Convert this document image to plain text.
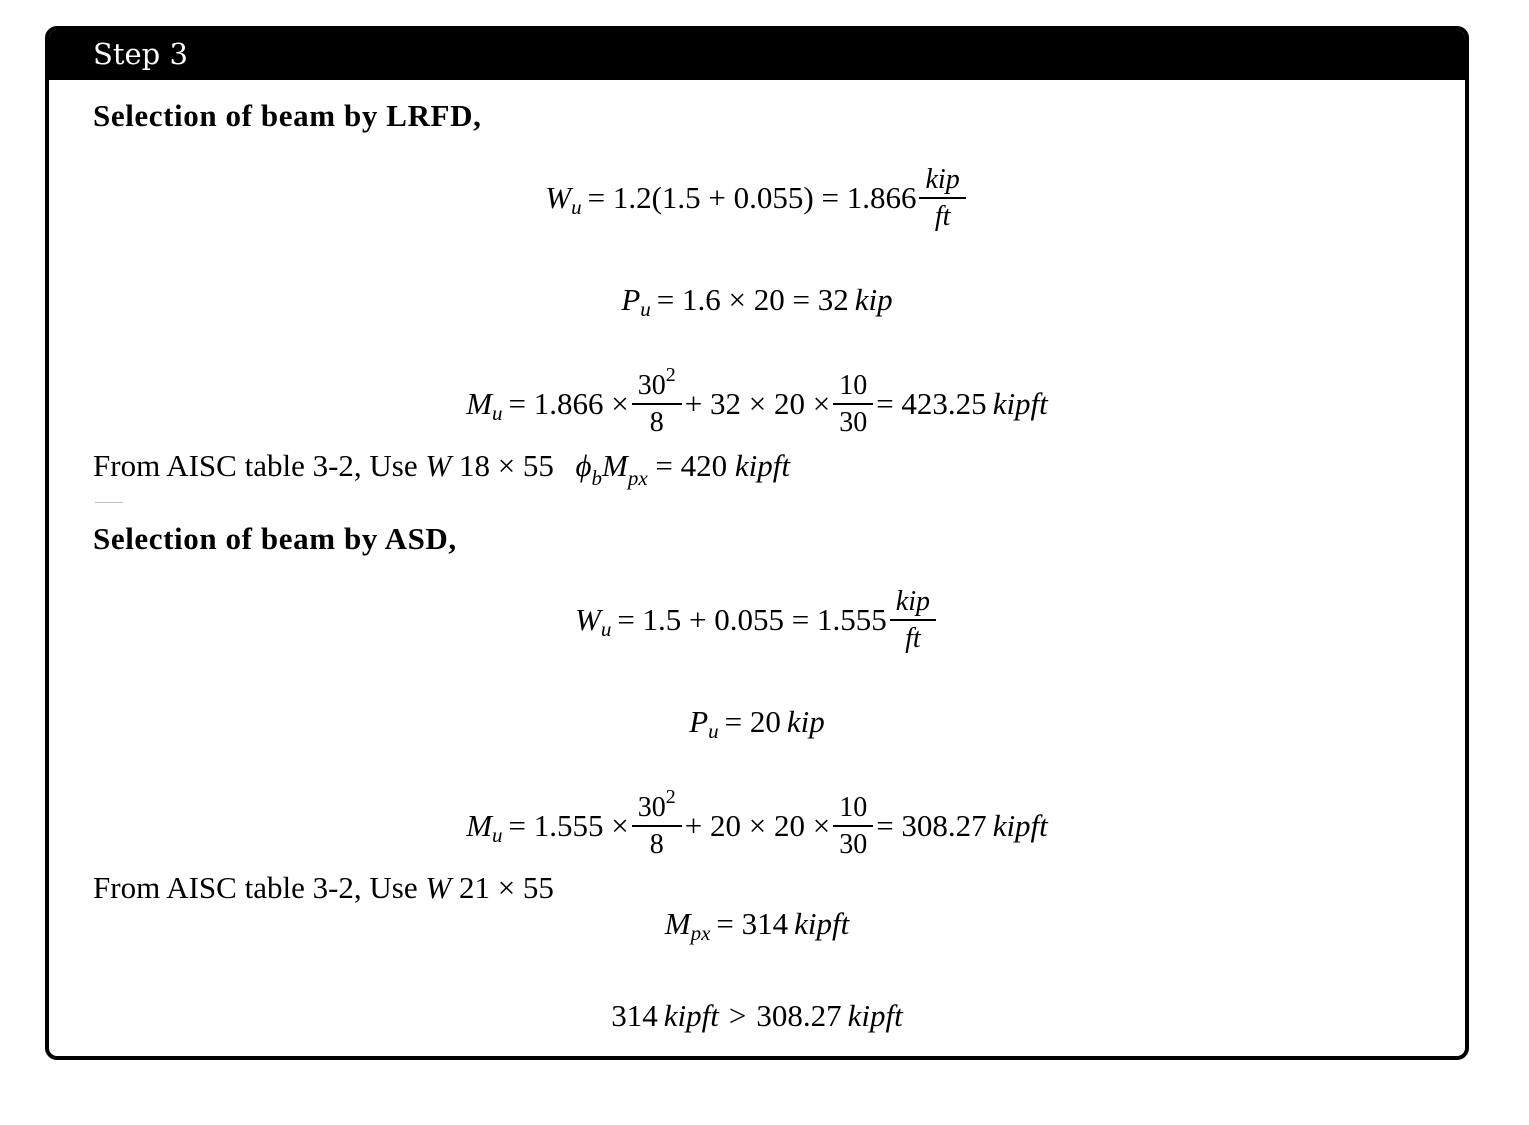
Step 3
Selection of beam by LRFD,
W $u = 1.2(1.5 + 0.055) = 1.866 \frac{\text{kip}}{ft}$
P u = 1.6 × 20 = 32 kip
M $u = 1.866 \times \frac{30^2}{8} + 32 \times 20 \times \frac{10}{30} = 423.25$ kipft
From AISC table 3-2, Use W 18 × 55 $\phi_bM_{px} = 420$ kipft
Selection of beam by ASD,
W $u = 1.5 + 0.055 = 1.555 \frac{\text{kip}}{ft}$
P u = 20 kip
M $u = 1.555 \times \frac{30^2}{8} + 20 \times 20 \times \frac{10}{30} = 308.27$ kipft
From AISC table 3-2, Use W 21 × 55
M px = 314 kipft
314 kipft > 308.27 kipft
